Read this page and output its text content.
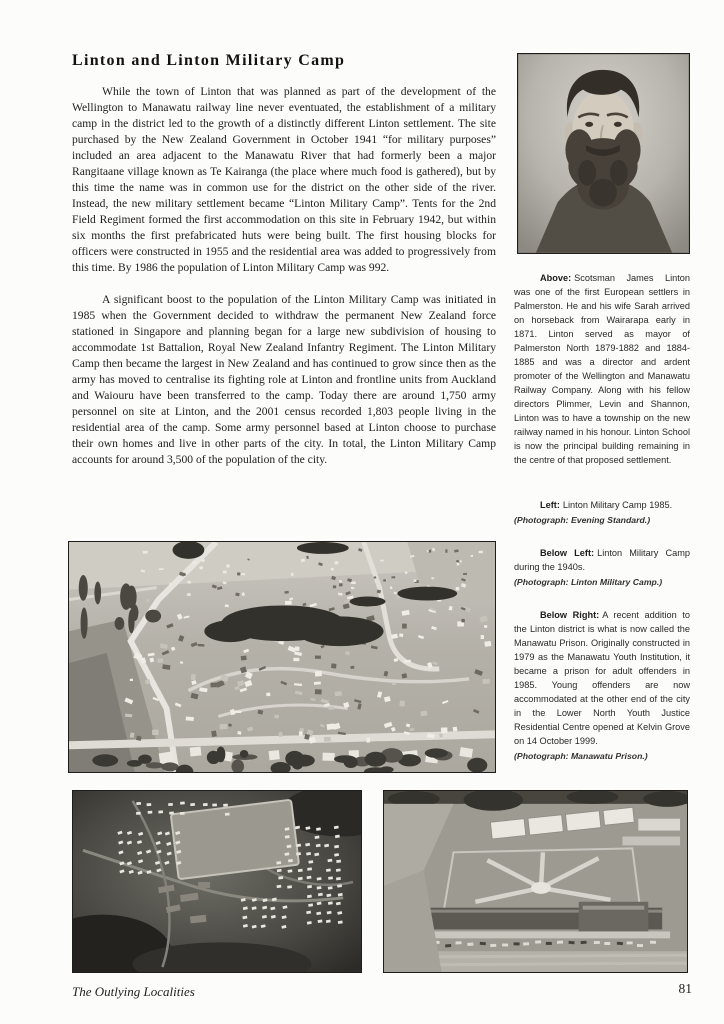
Linton and Linton Military Camp

While the town of Linton that was planned as part of the development of the Wellington to Manawatu railway line never eventuated, the establishment of a military camp in the district led to the growth of a distinctly different Linton settlement. The site purchased by the New Zealand Government in October 1941 “for military purposes” included an area adjacent to the Manawatu River that had formerly been a major Rangitaane village known as Te Kairanga (the place where much food is gathered), but by this time the name was in common use for the district on the other side of the river. Instead, the new military settlement became “Linton Military Camp”. Tents for the 2nd Field Regiment formed the first accommodation on this site in February 1942, but within six months the first prefabricated huts were being built. The first housing blocks for officers were constructed in 1955 and the residential area was added to progressively from this time. By 1986 the population of Linton Military Camp was 992.

A significant boost to the population of the Linton Military Camp was initiated in 1985 when the Government decided to withdraw the permanent New Zealand force stationed in Singapore and planning began for a large new subdivision of housing to accommodate 1st Battalion, Royal New Zealand Infantry Regiment. The Linton Military Camp then became the largest in New Zealand and has continued to grow since then as the army has moved to centralise its fighting role at Linton and frontline units from Auckland and Waiouru have been transferred to the camp. Today there are around 1,750 army personnel on site at Linton, and the 2001 census recorded 1,803 people living in the residential area of the camp. Some army personnel based at Linton choose to purchase their own homes and live in other parts of the city. In total, the Linton Military Camp accounts for around 3,500 of the population of the city.

Above: Scotsman James Linton was one of the first European settlers in Palmerston. He and his wife Sarah arrived on horseback from Wairarapa early in 1871. Linton served as mayor of Palmerston North 1879-1882 and 1884-1885 and was a director and ardent promoter of the Wellington and Manawatu Railway Company. Along with his fellow directors Plimmer, Levin and Shannon, Linton was to have a township on the new railway named in his honour. Linton School is now the principal building remaining in the centre of that proposed settlement.

Left: Linton Military Camp 1985.

(Photograph: Evening Standard.)

Below Left: Linton Military Camp during the 1940s.

(Photograph: Linton Military Camp.)

Below Right: A recent addition to the Linton district is what is now called the Manawatu Prison. Originally constructed in 1979 as the Manawatu Youth Institution, it became a prison for adult offenders in 1985. Young offenders are now accommodated at the other end of the city in the Lower North Youth Justice Residential Centre opened at Kelvin Grove on 14 October 1999.

(Photograph: Manawatu Prison.)

The Outlying Localities	81
